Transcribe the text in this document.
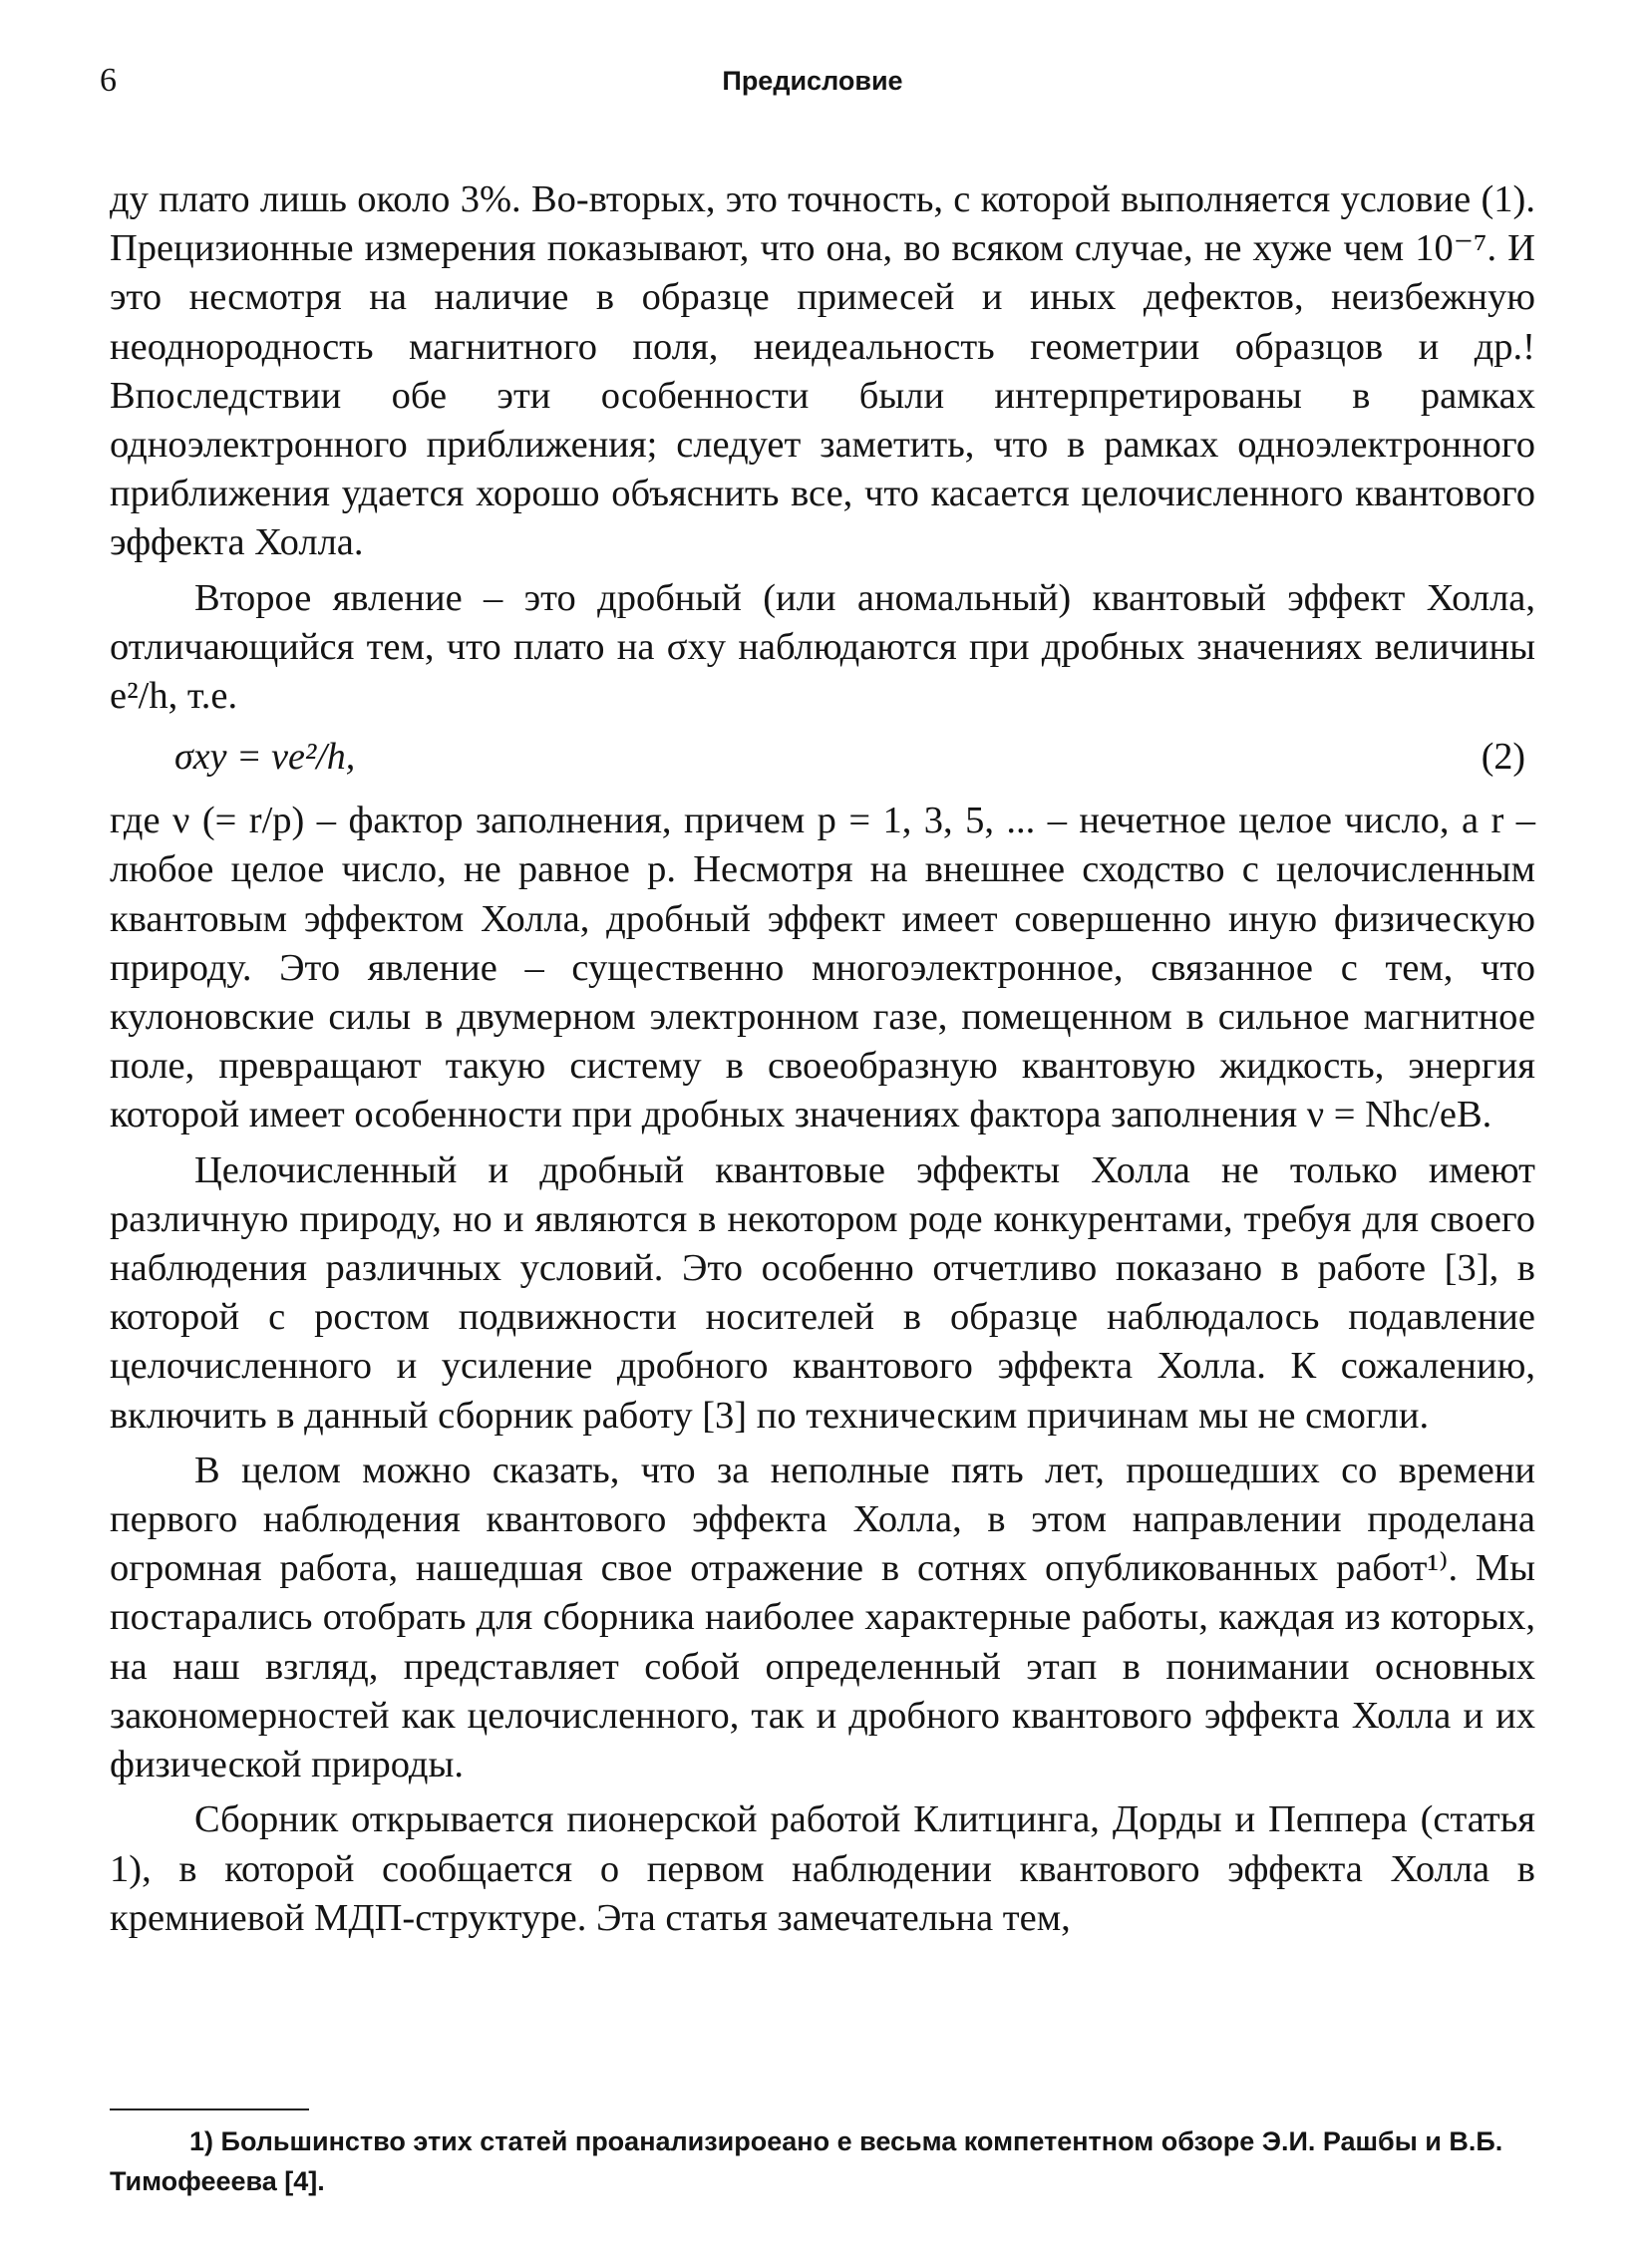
6	Предисловие

ду плато лишь около 3%. Во-вторых, это точность, с которой выполняется условие (1). Прецизионные измерения показывают, что она, во всяком случае, не хуже чем 10⁻⁷. И это несмотря на наличие в образце примесей и иных дефектов, неизбежную неоднородность магнитного поля, неидеальность геометрии образцов и др.! Впоследствии обе эти особенности были интерпретированы в рамках одноэлектронного приближения; следует заметить, что в рамках одноэлектронного приближения удается хорошо объяснить все, что касается целочисленного квантового эффекта Холла.

Второе явление – это дробный (или аномальный) квантовый эффект Холла, отличающийся тем, что плато на σxy наблюдаются при дробных значениях величины e²/h, т.е.

σxy = νe²/h,	(2)

где ν (= r/p) – фактор заполнения, причем p = 1, 3, 5, ... – нечетное целое число, а r – любое целое число, не равное p. Несмотря на внешнее сходство с целочисленным квантовым эффектом Холла, дробный эффект имеет совершенно иную физическую природу. Это явление – существенно многоэлектронное, связанное с тем, что кулоновские силы в двумерном электронном газе, помещенном в сильное магнитное поле, превращают такую систему в своеобразную квантовую жидкость, энергия которой имеет особенности при дробных значениях фактора заполнения ν = Nhc/eB.

Целочисленный и дробный квантовые эффекты Холла не только имеют различную природу, но и являются в некотором роде конкурентами, требуя для своего наблюдения различных условий. Это особенно отчетливо показано в работе [3], в которой с ростом подвижности носителей в образце наблюдалось подавление целочисленного и усиление дробного квантового эффекта Холла. К сожалению, включить в данный сборник работу [3] по техническим причинам мы не смогли.

В целом можно сказать, что за неполные пять лет, прошедших со времени первого наблюдения квантового эффекта Холла, в этом направлении проделана огромная работа, нашедшая свое отражение в сотнях опубликованных работ¹⁾. Мы постарались отобрать для сборника наиболее характерные работы, каждая из которых, на наш взгляд, представляет собой определенный этап в понимании основных закономерностей как целочисленного, так и дробного квантового эффекта Холла и их физической природы.

Сборник открывается пионерской работой Клитцинга, Дорды и Пеппера (статья 1), в которой сообщается о первом наблюдении квантового эффекта Холла в кремниевой МДП-структуре. Эта статья замечательна тем,

1) Большинство этих статей проанализироеано е весьма компетентном обзоре Э.И. Рашбы и В.Б. Тимофееева [4].
